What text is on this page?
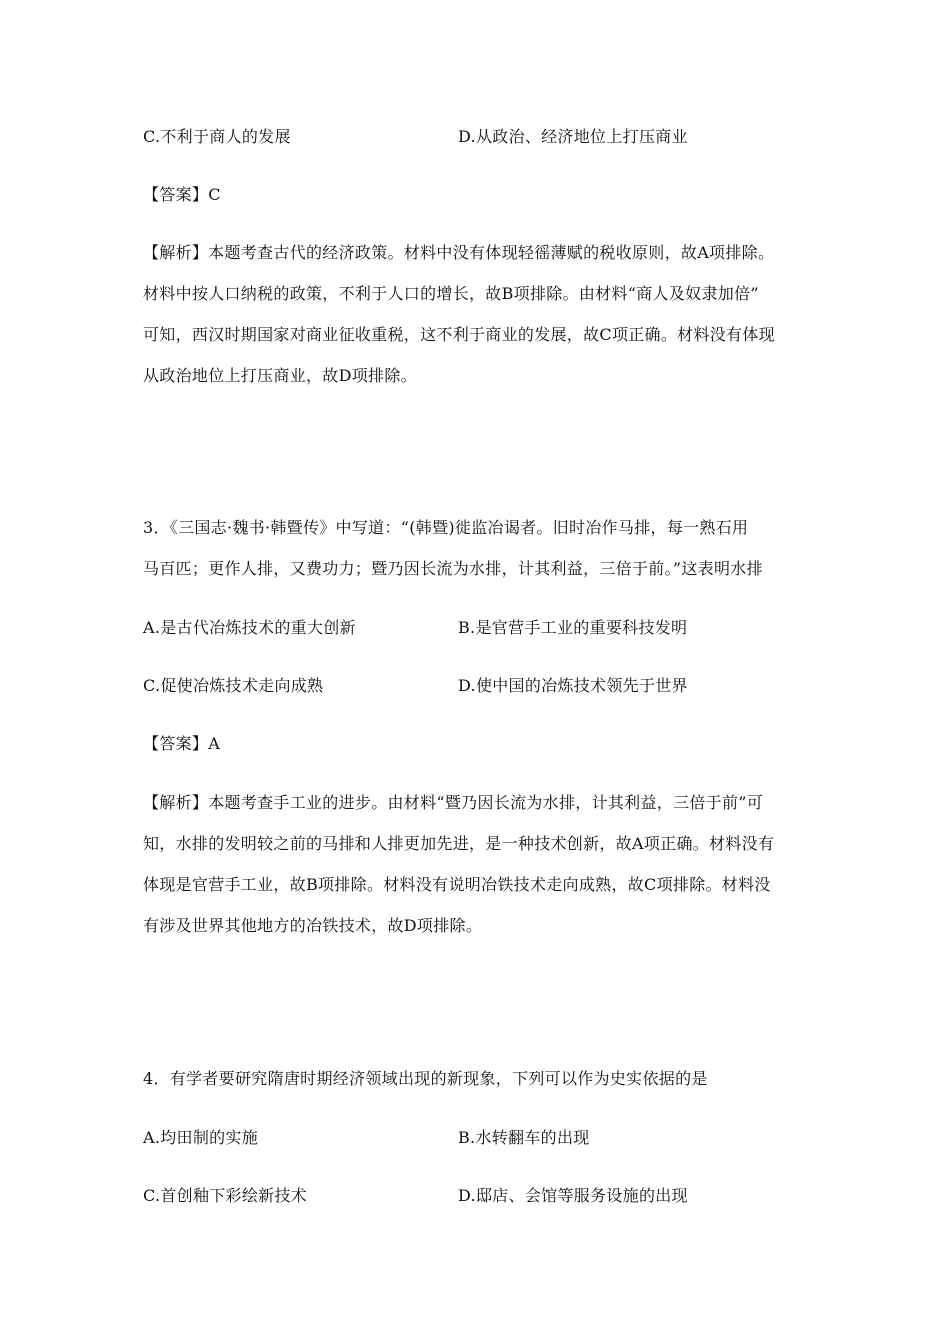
C.不利于商人的发展	D.从政治、经济地位上打压商业
【答案】C
【解析】本题考查古代的经济政策。材料中没有体现轻徭薄赋的税收原则，故A项排除。
材料中按人口纳税的政策，不利于人口的增长，故B项排除。由材料“商人及奴隶加倍”
可知，西汉时期国家对商业征收重税，这不利于商业的发展，故C项正确。材料没有体现
从政治地位上打压商业，故D项排除。
3．《三国志·魏书·韩暨传》中写道：“(韩暨)徙监冶谒者。旧时冶作马排，每一熟石用
马百匹；更作人排，又费功力；暨乃因长流为水排，计其利益，三倍于前。”这表明水排
A.是古代冶炼技术的重大创新	B.是官营手工业的重要科技发明
C.促使冶炼技术走向成熟	D.使中国的冶炼技术领先于世界
【答案】A
【解析】本题考查手工业的进步。由材料“暨乃因长流为水排，计其利益，三倍于前”可
知，水排的发明较之前的马排和人排更加先进，是一种技术创新，故A项正确。材料没有
体现是官营手工业，故B项排除。材料没有说明冶铁技术走向成熟，故C项排除。材料没
有涉及世界其他地方的冶铁技术，故D项排除。
4．有学者要研究隋唐时期经济领域出现的新现象，下列可以作为史实依据的是
A.均田制的实施	B.水转翻车的出现
C.首创釉下彩绘新技术	D.邸店、会馆等服务设施的出现
